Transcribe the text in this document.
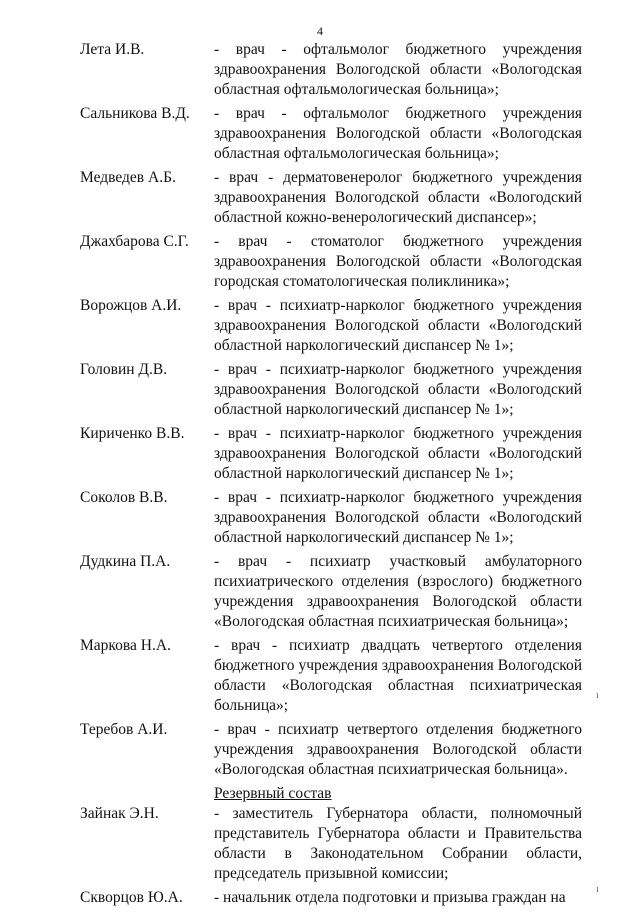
4
Лета И.В.	- врач - офтальмолог бюджетного учреждения здравоохранения Вологодской области «Вологодская областная офтальмологическая больница»;
Сальникова В.Д. - врач - офтальмолог бюджетного учреждения здравоохранения Вологодской области «Вологодская областная офтальмологическая больница»;
Медведев А.Б. - врач - дерматовенеролог бюджетного учреждения здравоохранения Вологодской области «Вологодский областной кожно-венерологический диспансер»;
Джахбарова С.Г. - врач - стоматолог бюджетного учреждения здравоохранения Вологодской области «Вологодская городская стоматологическая поликлиника»;
Ворожцов А.И. - врач - психиатр-нарколог бюджетного учреждения здравоохранения Вологодской области «Вологодский областной наркологический диспансер № 1»;
Головин Д.В.	- врач - психиатр-нарколог бюджетного учреждения здравоохранения Вологодской области «Вологодский областной наркологический диспансер № 1»;
Кириченко В.В. - врач - психиатр-нарколог бюджетного учреждения здравоохранения Вологодской области «Вологодский областной наркологический диспансер № 1»;
Соколов В.В.	- врач - психиатр-нарколог бюджетного учреждения здравоохранения Вологодской области «Вологодский областной наркологический диспансер № 1»;
Дудкина П.А.	- врач - психиатр участковый амбулаторного психиатрического отделения (взрослого) бюджетного учреждения здравоохранения Вологодской области «Вологодская областная психиатрическая больница»;
Маркова Н.А.	- врач - психиатр двадцать четвертого отделения бюджетного учреждения здравоохранения Вологодской области «Вологодская областная психиатрическая больница»;
Теребов А.И.	- врач - психиатр четвертого отделения бюджетного учреждения здравоохранения Вологодской области «Вологодская областная психиатрическая больница».
Резервный состав
Зайнак Э.Н.	- заместитель Губернатора области, полномочный представитель Губернатора области и Правительства области в Законодательном Собрании области, председатель призывной комиссии;
Скворцов Ю.А. - начальник отдела подготовки и призыва граждан на
ı
ı
